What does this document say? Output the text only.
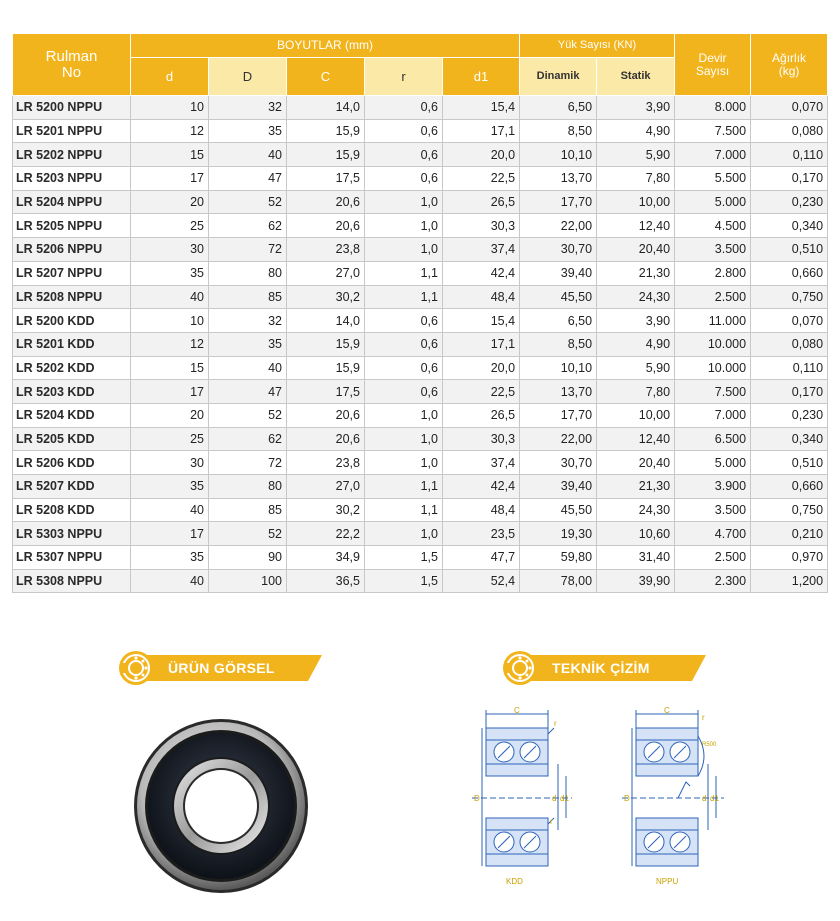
Rulman No	BOYUTLAR (mm)					Yük Sayısı (KN)		Devir Sayısı	Ağırlık (kg)
	d	D	C	r	d1	Dinamik	Statik		
LR 5200 NPPU	10	32	14,0	0,6	15,4	6,50	3,90	8.000	0,070
LR 5201 NPPU	12	35	15,9	0,6	17,1	8,50	4,90	7.500	0,080
LR 5202 NPPU	15	40	15,9	0,6	20,0	10,10	5,90	7.000	0,110
LR 5203 NPPU	17	47	17,5	0,6	22,5	13,70	7,80	5.500	0,170
LR 5204 NPPU	20	52	20,6	1,0	26,5	17,70	10,00	5.000	0,230
LR 5205 NPPU	25	62	20,6	1,0	30,3	22,00	12,40	4.500	0,340
LR 5206 NPPU	30	72	23,8	1,0	37,4	30,70	20,40	3.500	0,510
LR 5207 NPPU	35	80	27,0	1,1	42,4	39,40	21,30	2.800	0,660
LR 5208 NPPU	40	85	30,2	1,1	48,4	45,50	24,30	2.500	0,750
LR 5200 KDD	10	32	14,0	0,6	15,4	6,50	3,90	11.000	0,070
LR 5201 KDD	12	35	15,9	0,6	17,1	8,50	4,90	10.000	0,080
LR 5202 KDD	15	40	15,9	0,6	20,0	10,10	5,90	10.000	0,110
LR 5203 KDD	17	47	17,5	0,6	22,5	13,70	7,80	7.500	0,170
LR 5204 KDD	20	52	20,6	1,0	26,5	17,70	10,00	7.000	0,230
LR 5205 KDD	25	62	20,6	1,0	30,3	22,00	12,40	6.500	0,340
LR 5206 KDD	30	72	23,8	1,0	37,4	30,70	20,40	5.000	0,510
LR 5207 KDD	35	80	27,0	1,1	42,4	39,40	21,30	3.900	0,660
LR 5208 KDD	40	85	30,2	1,1	48,4	45,50	24,30	3.500	0,750
LR 5303 NPPU	17	52	22,2	1,0	23,5	19,30	10,60	4.700	0,210
LR 5307 NPPU	35	90	34,9	1,5	47,7	59,80	31,40	2.500	0,970
LR 5308 NPPU	40	100	36,5	1,5	52,4	78,00	39,90	2.300	1,200
ÜRÜN GÖRSEL	TEKNİK ÇİZİM
C
r
r
D	d d1
KDD
C
r
R500
D	d d1
NPPU
